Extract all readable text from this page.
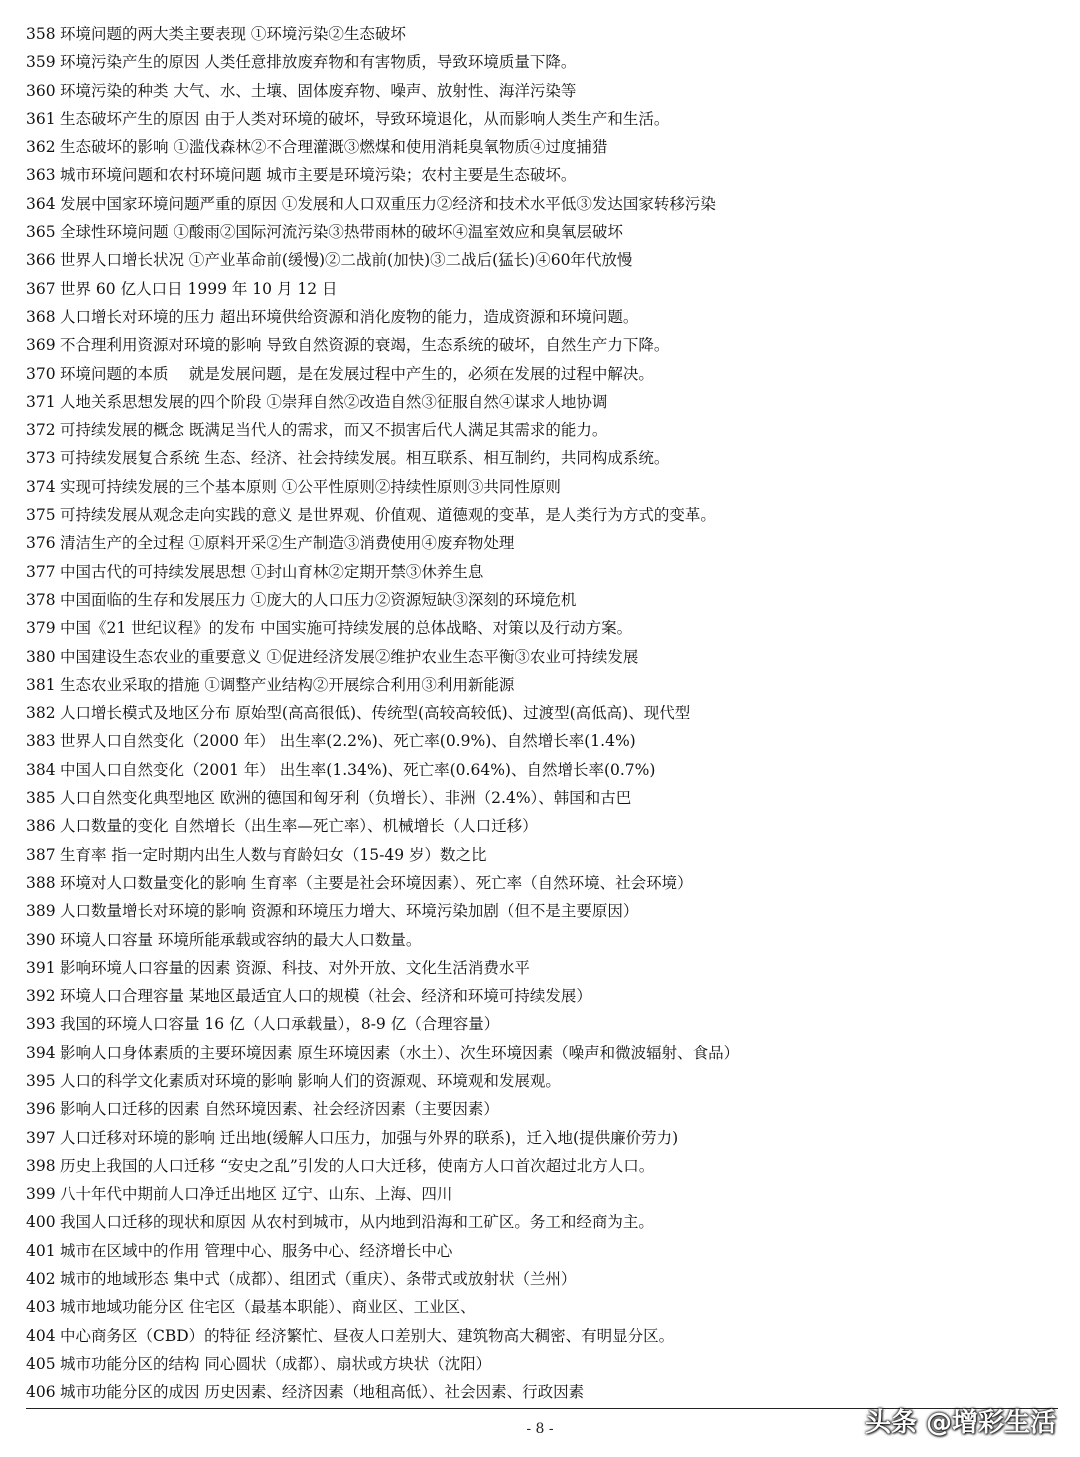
358 环境问题的两大类主要表现 ①环境污染②生态破坏
359 环境污染产生的原因 人类任意排放废弃物和有害物质，导致环境质量下降。
360 环境污染的种类 大气、水、土壤、固体废弃物、噪声、放射性、海洋污染等
361 生态破坏产生的原因 由于人类对环境的破坏，导致环境退化，从而影响人类生产和生活。
362 生态破坏的影响 ①滥伐森林②不合理灌溉③燃煤和使用消耗臭氧物质④过度捕猎
363 城市环境问题和农村环境问题 城市主要是环境污染；农村主要是生态破坏。
364 发展中国家环境问题严重的原因 ①发展和人口双重压力②经济和技术水平低③发达国家转移污染
365 全球性环境问题 ①酸雨②国际河流污染③热带雨林的破坏④温室效应和臭氧层破坏
366 世界人口增长状况 ①产业革命前(缓慢)②二战前(加快)③二战后(猛长)④60年代放慢
367 世界 60 亿人口日 1999 年 10 月 12 日
368 人口增长对环境的压力 超出环境供给资源和消化废物的能力，造成资源和环境问题。
369 不合理利用资源对环境的影响 导致自然资源的衰竭，生态系统的破坏，自然生产力下降。
370 环境问题的本质　 就是发展问题，是在发展过程中产生的，必须在发展的过程中解决。
371 人地关系思想发展的四个阶段 ①崇拜自然②改造自然③征服自然④谋求人地协调
372 可持续发展的概念 既满足当代人的需求，而又不损害后代人满足其需求的能力。
373 可持续发展复合系统 生态、经济、社会持续发展。相互联系、相互制约，共同构成系统。
374 实现可持续发展的三个基本原则 ①公平性原则②持续性原则③共同性原则
375 可持续发展从观念走向实践的意义 是世界观、价值观、道德观的变革，是人类行为方式的变革。
376 清洁生产的全过程 ①原料开采②生产制造③消费使用④废弃物处理
377 中国古代的可持续发展思想 ①封山育林②定期开禁③休养生息
378 中国面临的生存和发展压力 ①庞大的人口压力②资源短缺③深刻的环境危机
379 中国《21 世纪议程》的发布 中国实施可持续发展的总体战略、对策以及行动方案。
380 中国建设生态农业的重要意义 ①促进经济发展②维护农业生态平衡③农业可持续发展
381 生态农业采取的措施 ①调整产业结构②开展综合利用③利用新能源
382 人口增长模式及地区分布 原始型(高高很低)、传统型(高较高较低)、过渡型(高低高)、现代型
383 世界人口自然变化（2000 年） 出生率(2.2%)、死亡率(0.9%)、自然增长率(1.4%)
384 中国人口自然变化（2001 年） 出生率(1.34%)、死亡率(0.64%)、自然增长率(0.7%)
385 人口自然变化典型地区 欧洲的德国和匈牙利（负增长）、非洲（2.4%）、韩国和古巴
386 人口数量的变化 自然增长（出生率—死亡率）、机械增长（人口迁移）
387 生育率 指一定时期内出生人数与育龄妇女（15-49 岁）数之比
388 环境对人口数量变化的影响 生育率（主要是社会环境因素）、死亡率（自然环境、社会环境）
389 人口数量增长对环境的影响 资源和环境压力增大、环境污染加剧（但不是主要原因）
390 环境人口容量 环境所能承载或容纳的最大人口数量。
391 影响环境人口容量的因素 资源、科技、对外开放、文化生活消费水平
392 环境人口合理容量 某地区最适宜人口的规模（社会、经济和环境可持续发展）
393 我国的环境人口容量 16 亿（人口承载量），8-9 亿（合理容量）
394 影响人口身体素质的主要环境因素 原生环境因素（水土）、次生环境因素（噪声和微波辐射、食品）
395 人口的科学文化素质对环境的影响 影响人们的资源观、环境观和发展观。
396 影响人口迁移的因素 自然环境因素、社会经济因素（主要因素）
397 人口迁移对环境的影响 迁出地(缓解人口压力，加强与外界的联系)，迁入地(提供廉价劳力)
398 历史上我国的人口迁移 “安史之乱”引发的人口大迁移，使南方人口首次超过北方人口。
399 八十年代中期前人口净迁出地区 辽宁、山东、上海、四川
400 我国人口迁移的现状和原因 从农村到城市，从内地到沿海和工矿区。务工和经商为主。
401 城市在区域中的作用 管理中心、服务中心、经济增长中心
402 城市的地域形态 集中式（成都）、组团式（重庆）、条带式或放射状（兰州）
403 城市地域功能分区 住宅区（最基本职能）、商业区、工业区、
404 中心商务区（CBD）的特征 经济繁忙、昼夜人口差别大、建筑物高大稠密、有明显分区。
405 城市功能分区的结构 同心圆状（成都）、扇状或方块状（沈阳）
406 城市功能分区的成因 历史因素、经济因素（地租高低）、社会因素、行政因素
- 8 -	头条 @增彩生活
